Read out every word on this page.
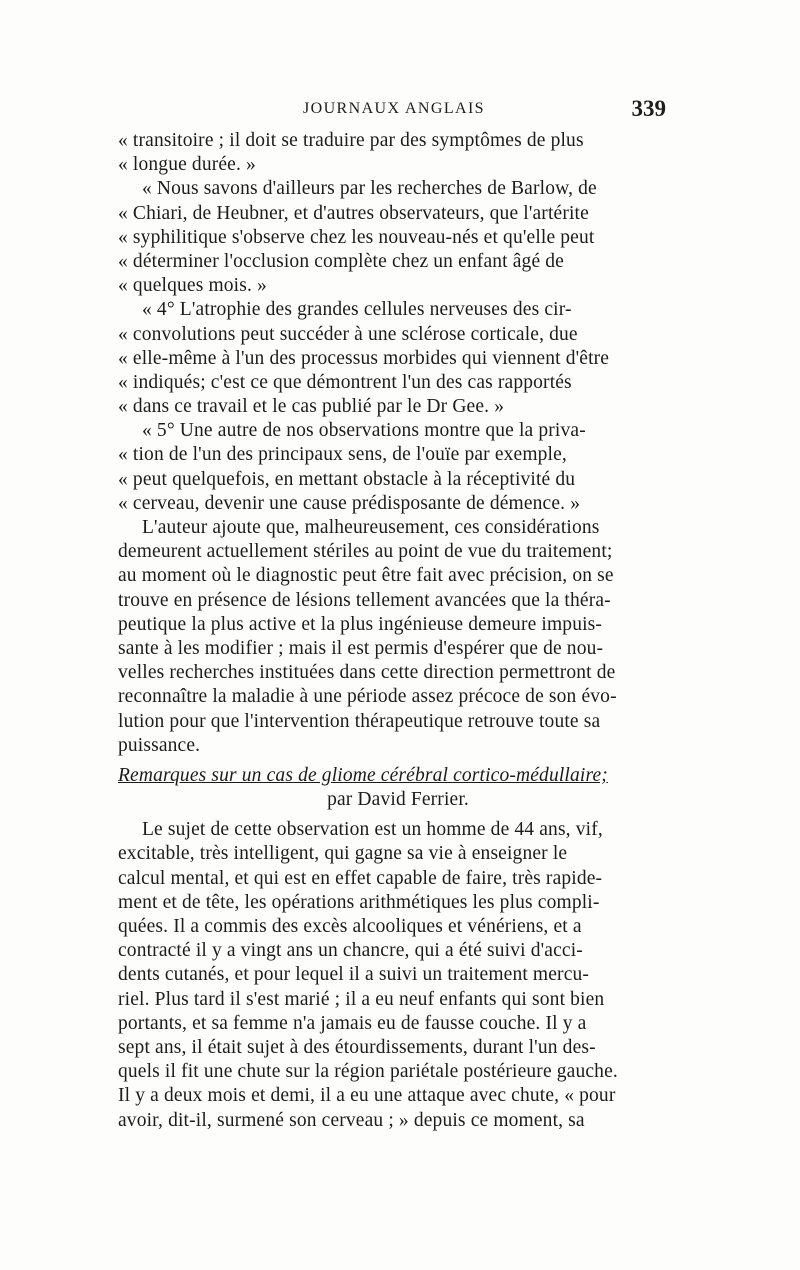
JOURNAUX ANGLAIS	339
« transitoire ; il doit se traduire par des symptômes de plus
« longue durée. »
« Nous savons d'ailleurs par les recherches de Barlow, de
« Chiari, de Heubner, et d'autres observateurs, que l'artérite
« syphilitique s'observe chez les nouveau-nés et qu'elle peut
« déterminer l'occlusion complète chez un enfant âgé de
« quelques mois. »
« 4° L'atrophie des grandes cellules nerveuses des cir-
« convolutions peut succéder à une sclérose corticale, due
« elle-même à l'un des processus morbides qui viennent d'être
« indiqués; c'est ce que démontrent l'un des cas rapportés
« dans ce travail et le cas publié par le Dr Gee. »
« 5° Une autre de nos observations montre que la priva-
« tion de l'un des principaux sens, de l'ouïe par exemple,
« peut quelquefois, en mettant obstacle à la réceptivité du
« cerveau, devenir une cause prédisposante de démence. »
L'auteur ajoute que, malheureusement, ces considérations
demeurent actuellement stériles au point de vue du traitement;
au moment où le diagnostic peut être fait avec précision, on se
trouve en présence de lésions tellement avancées que la théra-
peutique la plus active et la plus ingénieuse demeure impuis-
sante à les modifier ; mais il est permis d'espérer que de nou-
velles recherches instituées dans cette direction permettront de
reconnaître la maladie à une période assez précoce de son évo-
lution pour que l'intervention thérapeutique retrouve toute sa
puissance.
Remarques sur un cas de gliome cérébral cortico-médullaire;
par David Ferrier.
Le sujet de cette observation est un homme de 44 ans, vif,
excitable, très intelligent, qui gagne sa vie à enseigner le
calcul mental, et qui est en effet capable de faire, très rapide-
ment et de tête, les opérations arithmétiques les plus compli-
quées. Il a commis des excès alcooliques et vénériens, et a
contracté il y a vingt ans un chancre, qui a été suivi d'acci-
dents cutanés, et pour lequel il a suivi un traitement mercu-
riel. Plus tard il s'est marié ; il a eu neuf enfants qui sont bien
portants, et sa femme n'a jamais eu de fausse couche. Il y a
sept ans, il était sujet à des étourdissements, durant l'un des-
quels il fit une chute sur la région pariétale postérieure gauche.
Il y a deux mois et demi, il a eu une attaque avec chute, « pour
avoir, dit-il, surmené son cerveau ; » depuis ce moment, sa
